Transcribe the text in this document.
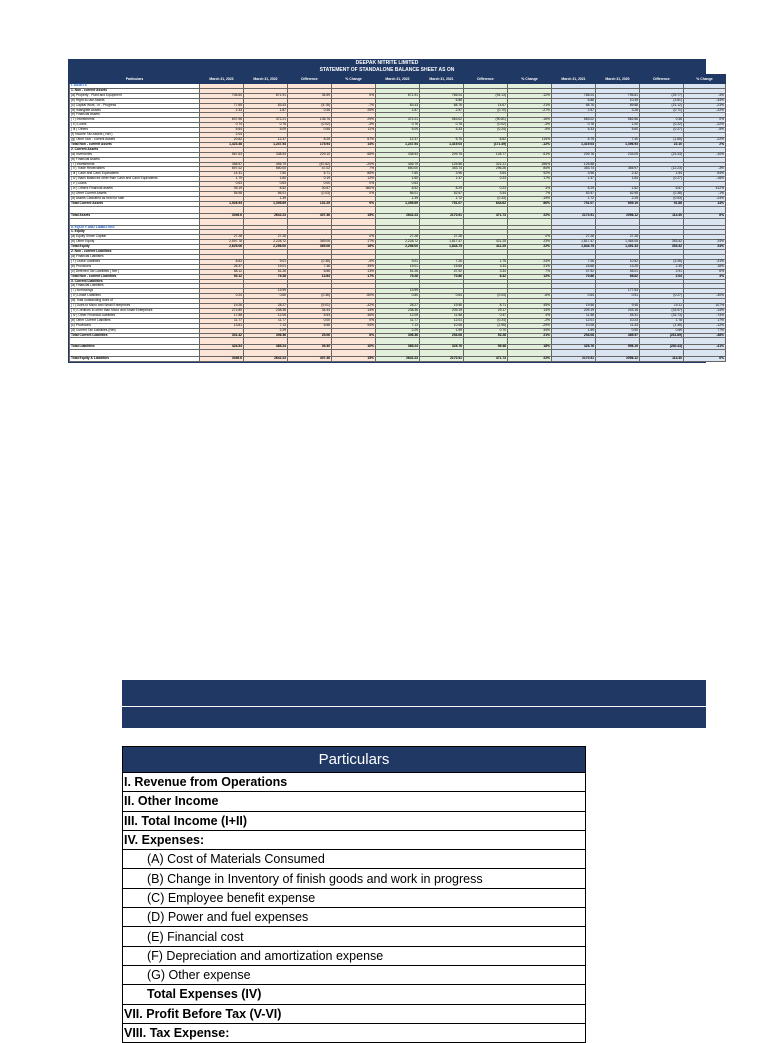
DEEPAK NITRITE LIMITED
STATEMENT OF STANDALONE BALANCE SHEET AS ON
Particulars	March 31, 2023	March 31, 2022	Difference	% Change	March 31, 2022	March 31, 2021	Difference	% Change	March 31, 2021	March 31, 2020	Difference	% Change
I. ASSETS												
1. Non - current Assets												
(a) Property , Plant and Equipment	706.50	671.91	34.59	5%	671.91	766.04	(94.13)	-12%	766.04	795.81	(29.77)	-4%
(b) Right-to-use Assets						6.88			6.88	10.49	(3.61)	-34%
(c) Capital Work - in - Progress	77.65	83.43	(5.78)	-7%	83.43	68.76	14.67	21%	68.76	89.88	(21.12)	-23%
(d) Intangible Assets	2.33	1.87	0.46	25%	1.87	2.57	(0.70)	-27%	2.57	3.28	(0.71)	-22%
(e) Financial Assets												
( i ) Investments	607.96	472.21	135.75	29%	472.21	563.02	(90.81)	-16%	563.02	562.66	0.36	0%
( ii ) Loans	0.74	0.76	(0.02)	-3%	0.76	0.78	(0.02)	-3%	0.78	1.00	(0.22)	-22%
( iii ) Others	5.64	5.09	0.55	11%	5.09	5.33	(0.24)	-5%	5.33	5.60	(0.27)	-5%
(f) Income Tax Assets ( Net )	2.04											
(g) Other Non - current Assets	20.62	12.37	8.25	67%	12.37	5.75	6.62	115%	5.75	7.40	(1.65)	-22%
Total Non - current Assets	1,423.48	1,247.54	175.94	14%	1,247.54	1,419.03	(171.49)	-12%	1,419.03	1,396.93	22.10	2%
2. Current Assets												
(a) Inventories	567.63	338.53	229.10	68%	338.53	209.76	128.77	61%	209.76	233.09	(23.33)	-10%
(b) Financial Assets												
( i ) Investments	358.97	446.79	(87.82)	-20%	446.79	125.58	321.21	256%	125.58			
( ii ) Trade Receivables	697.02	650.00	47.02	7%	650.00	353.74	296.26	84%	353.74	365.97	(12.23)	-3%
( iii ) Cash and Cash Equivalents	14.31	7.60	6.71	88%	7.60	3.96	3.64	92%	3.96	2.42	1.54	64%
( iv ) Bank Balances other than Cash and Cash Equivalents	1.79	1.60	0.19	12%	1.60	1.37	0.23	17%	1.37	1.64	(0.27)	-16%
( v ) Loans	0.63	0.63	0.00	0%	0.63							
( vi ) Others Financial assets	39.19	8.52	30.67	360%	8.52	8.29	0.23	3%	8.29	1.62	6.67	412%
(c) Other Current Assets	55.98	56.01	(0.03)	0%	56.01	52.57	3.44	7%	52.57	52.95	(0.38)	-1%
(d) Assets Classified as held for sale		1.39			1.39	1.72	(0.33)	-19%	1.72	2.25	(0.53)	-24%
Total Current Assets	1,526.94	1,395.69	131.25	9%	1,395.69	751.07	644.62	86%	751.07	659.19	91.88	14%

Total Assets	3049.6	2642.23	407.36	15%	2642.23	2170.51	471.73	22%	2170.51	2056.12	114.40	6%

II. EQUITY AND LIABILITIES												
1. Equity												
(a) Equity Share Capital	27.28	27.28		0%	27.28	27.28		0%	27.28	27.28		
(b) Other Equity	2,597.78	2,228.72	369.06	17%	2,228.72	1,817.47	411.25	23%	1,817.47	1,464.05	353.42	24%
Total Equity	2,625.06	2,256.00	369.06	16%	2,256.00	1,844.75	411.25	22%	1,844.75	1,491.33	353.42	24%
2. Non - current Liabilities												
(a) Financial Liabilities												
( i ) Lease Liabilities	8.63	9.01	(0.38)	-4%	9.01	7.26	1.75	24%	7.26	10.52	(3.26)	-31%
(b) Provisions	26.37	19.01	7.36	39%	19.01	15.68	3.33	21%	15.68	13.29	2.39	18%
(c) Deferred Tax Liabilities ( Net )	58.12	51.26	6.86	13%	51.26	47.92	3.34	7%	47.92	45.01	2.91	6%
Total Non - current Liabilities	93.12	79.28	13.84	17%	79.28	70.86	8.42	12%	70.86	68.82	2.04	3%
3. Current Liabilities												
(a) Financial Liabilities												
( i ) Borrowings		13.99			13.99					177.53		
( ii ) Lease Liabilities	0.24	0.60	(0.36)	-60%	0.60	0.64	(0.04)	-6%	0.64	0.91	(0.27)	-30%
(iii) Total outstanding dues of												
( i ) Dues to Micro and Small Enterprises	19.26	28.27	(9.01)	-32%	28.27	19.56	8.71	45%	19.56	9.45	10.11	107%
( ii ) Creditors to other than Micro and Small Enterprises	272.80	238.36	34.44	14%	238.36	209.19	29.17	14%	209.19	243.16	(33.97)	-14%
( iv ) Other Financial Liabilities	17.58	12.05	5.53	46%	12.05	11.58	0.47	4%	11.58	45.31	(33.73)	-74%
(b) Other Current Liabilities	11.77	11.77	0.00	0%	11.77	12.01	(0.24)	-2%	12.01	10.23	1.78	17%
(c) Provisions	13.81	7.13	6.68	94%	7.13	10.08	(2.95)	-29%	10.08	11.43	(1.35)	-12%
(d) Current Tax Liabilities (Net)		2.29			2.29	1.59	0.70	44%	1.59	0.90	0.69	77%
Total Current Liabilities	331.42	306.36	25.06	8%	306.36	254.08	52.28	21%	254.08	485.97	(231.89)	-48%

Total Liabilities	424.54	385.24	39.30	10%	385.24	325.76	59.48	18%	325.76	556.19	(230.43)	-41%

Total Equity & Liabilities	3049.6	2642.23	407.36	15%	2642.23	2170.51	471.73	22%	2170.51	2056.12	114.40	6%
Particulars
I. Revenue from Operations
II. Other Income
III. Total Income (I+II)
IV. Expenses:
(A) Cost of Materials Consumed
(B) Change in Inventory of finish goods and work in progress
(C) Employee benefit expense
(D) Power and fuel expenses
(E) Financial cost
(F) Depreciation and amortization expense
(G) Other expense
Total Expenses (IV)
VII. Profit Before Tax (V-VI)
VIII. Tax Expense:
